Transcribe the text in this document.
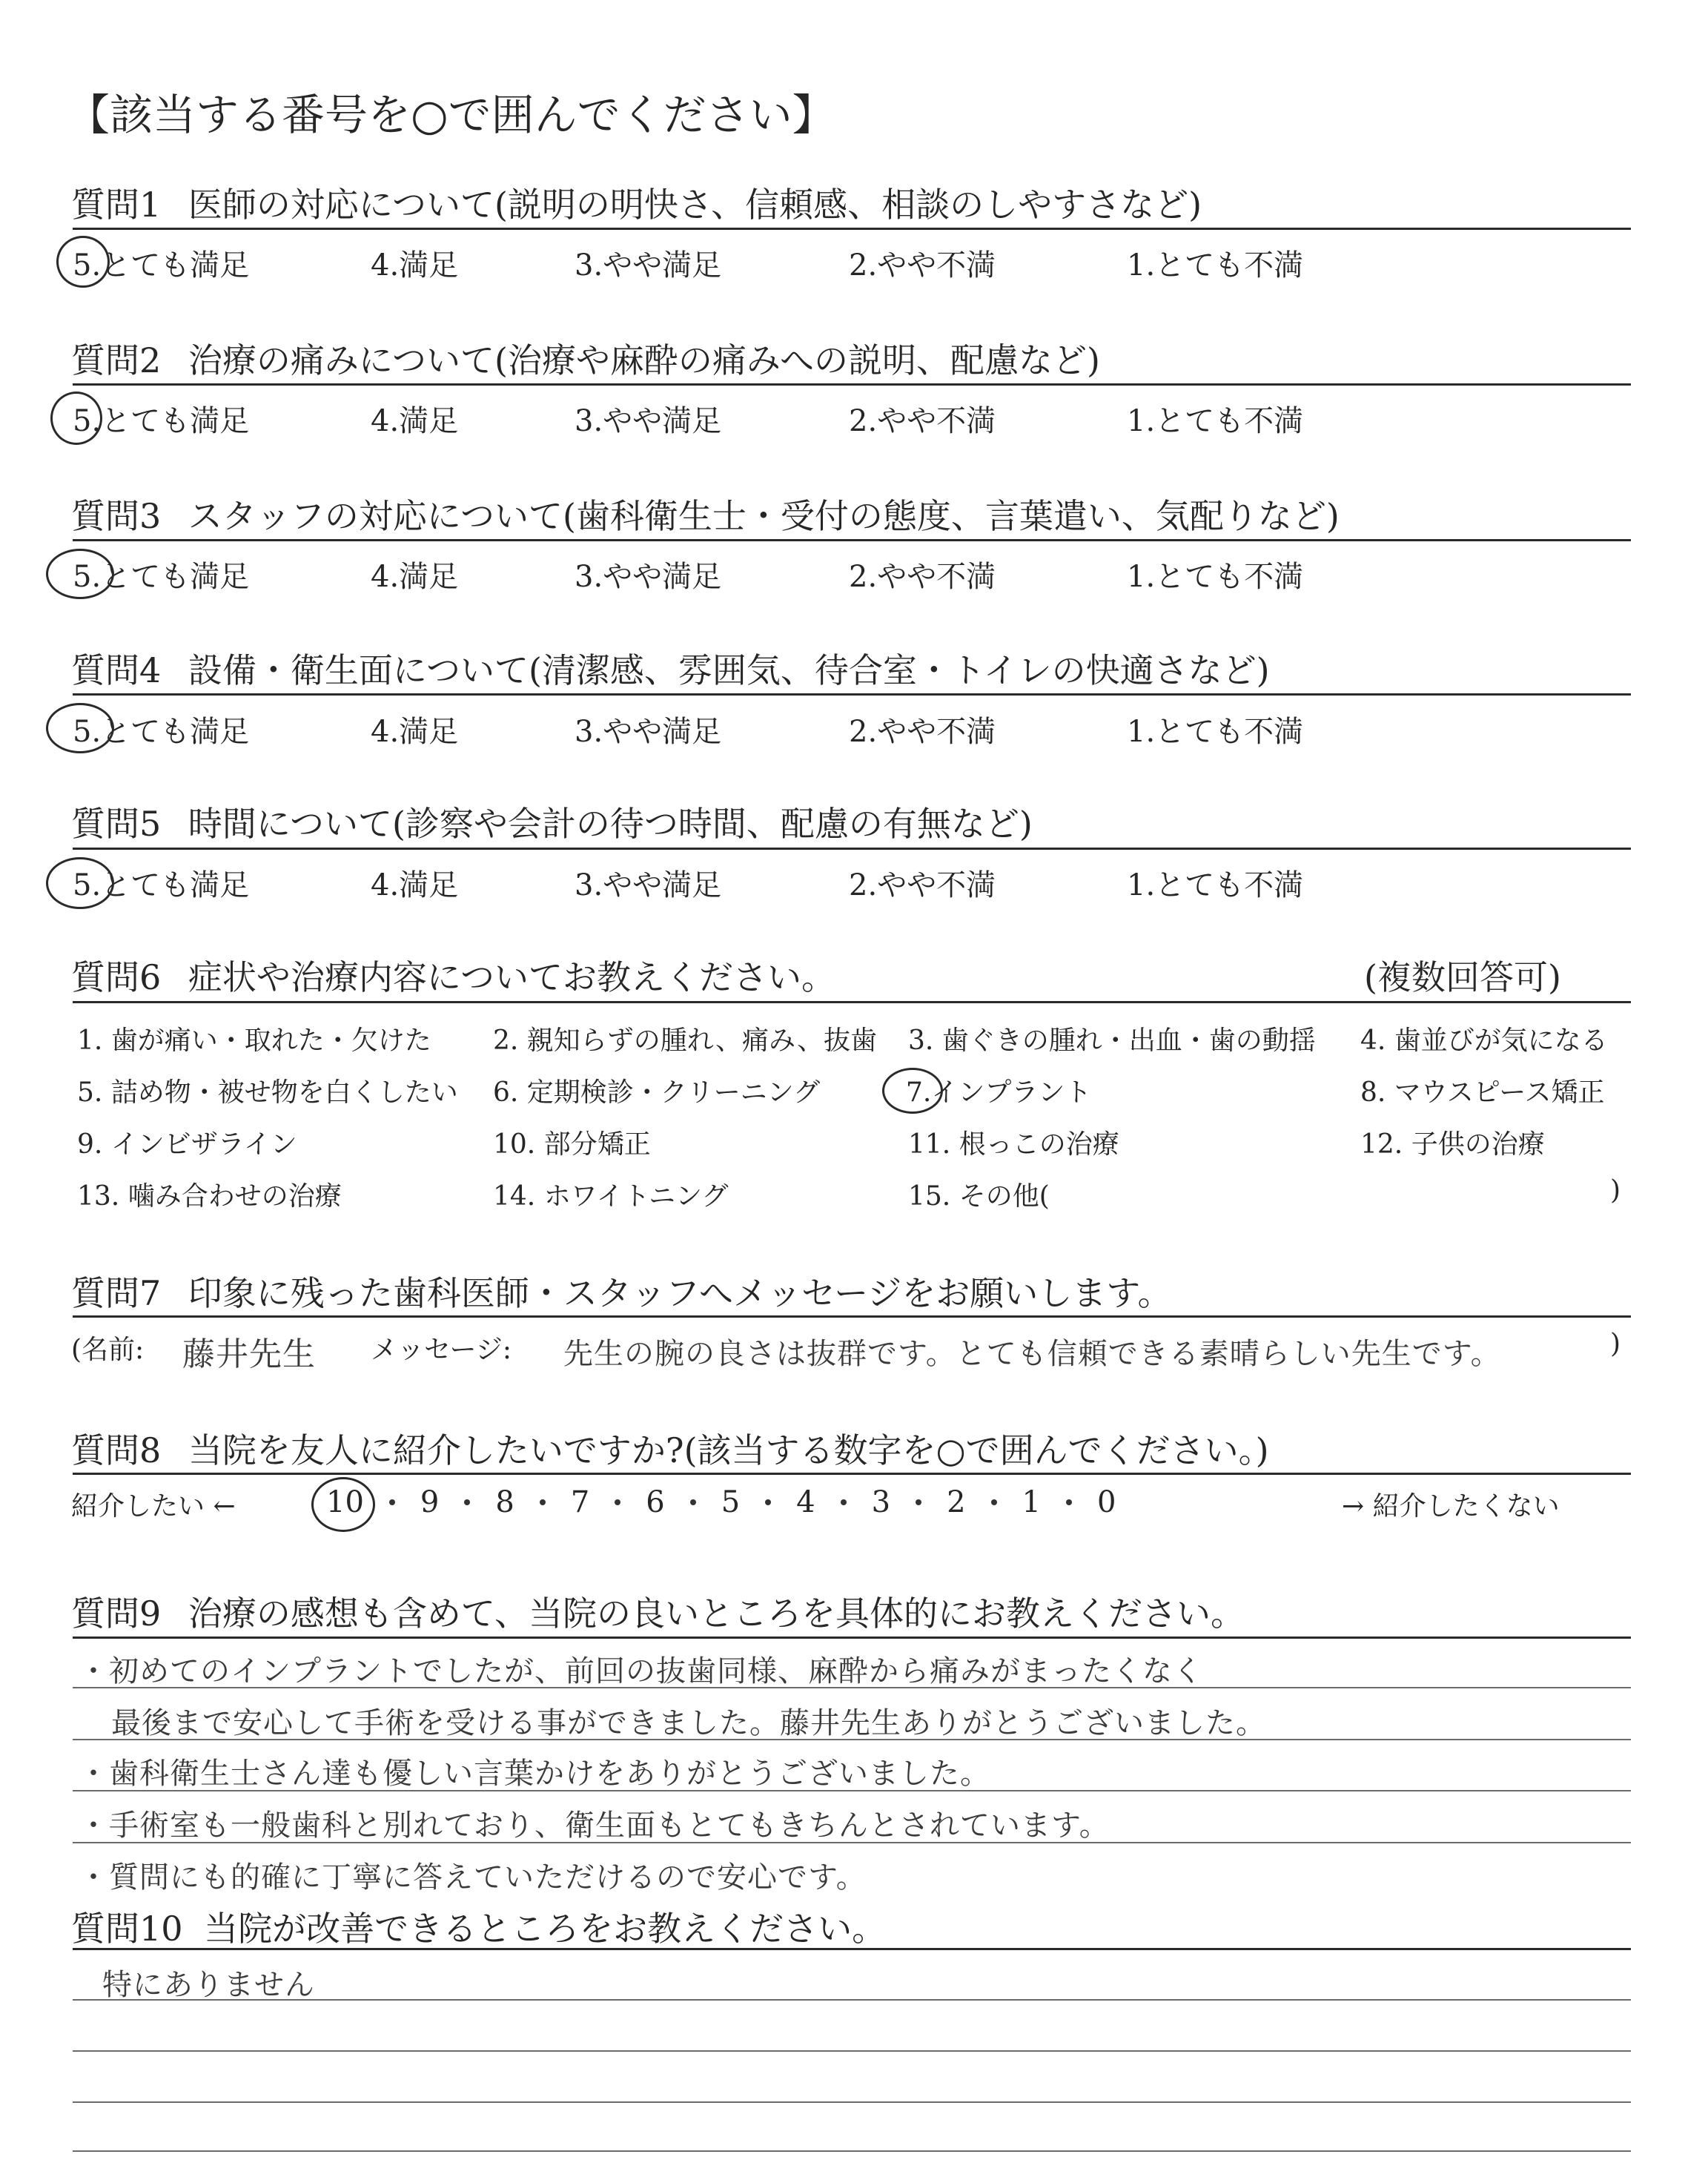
【該当する番号を○で囲んでください】
質問1 医師の対応について(説明の明快さ、信頼感、相談のしやすさなど)
5.とても満足	4.満足	3.やや満足	2.やや不満	1.とても不満
質問2 治療の痛みについて(治療や麻酔の痛みへの説明、配慮など)
5.とても満足	4.満足	3.やや満足	2.やや不満	1.とても不満
質問3 スタッフの対応について(歯科衛生士・受付の態度、言葉遣い、気配りなど)
5.とても満足	4.満足	3.やや満足	2.やや不満	1.とても不満
質問4 設備・衛生面について(清潔感、雰囲気、待合室・トイレの快適さなど)
5.とても満足	4.満足	3.やや満足	2.やや不満	1.とても不満
質問5 時間について(診察や会計の待つ時間、配慮の有無など)
5.とても満足	4.満足	3.やや満足	2.やや不満	1.とても不満
質問6 症状や治療内容についてお教えください。	(複数回答可)
1. 歯が痛い・取れた・欠けた 2. 親知らずの腫れ、痛み、抜歯 3. 歯ぐきの腫れ・出血・歯の動揺 4. 歯並びが気になる
5. 詰め物・被せ物を白くしたい 6. 定期検診・クリーニング	7.インプラント	8. マウスピース矯正
9. インビザライン	10. 部分矯正	11. 根っこの治療	12. 子供の治療
13. 噛み合わせの治療	14. ホワイトニング	15. その他(	)
質問7 印象に残った歯科医師・スタッフへメッセージをお願いします。
(名前: 藤井先生 メッセージ: 先生の腕の良さは抜群です。とても信頼できる素晴らしい先生です。	)
質問8 当院を友人に紹介したいですか?(該当する数字を○で囲んでください。)
紹介したい ←	10 9 8 7 6 5 4 3 2 1 0	→ 紹介したくない
質問9 治療の感想も含めて、当院の良いところを具体的にお教えください。
・初めてのインプラントでしたが、前回の抜歯同様、麻酔から痛みがまったくなく
最後まで安心して手術を受ける事ができました。藤井先生ありがとうございました。
・歯科衛生士さん達も優しい言葉かけをありがとうございました。
・手術室も一般歯科と別れており、衛生面もとてもきちんとされています。
・質問にも的確に丁寧に答えていただけるので安心です。
質問10 当院が改善できるところをお教えください。
特にありません
